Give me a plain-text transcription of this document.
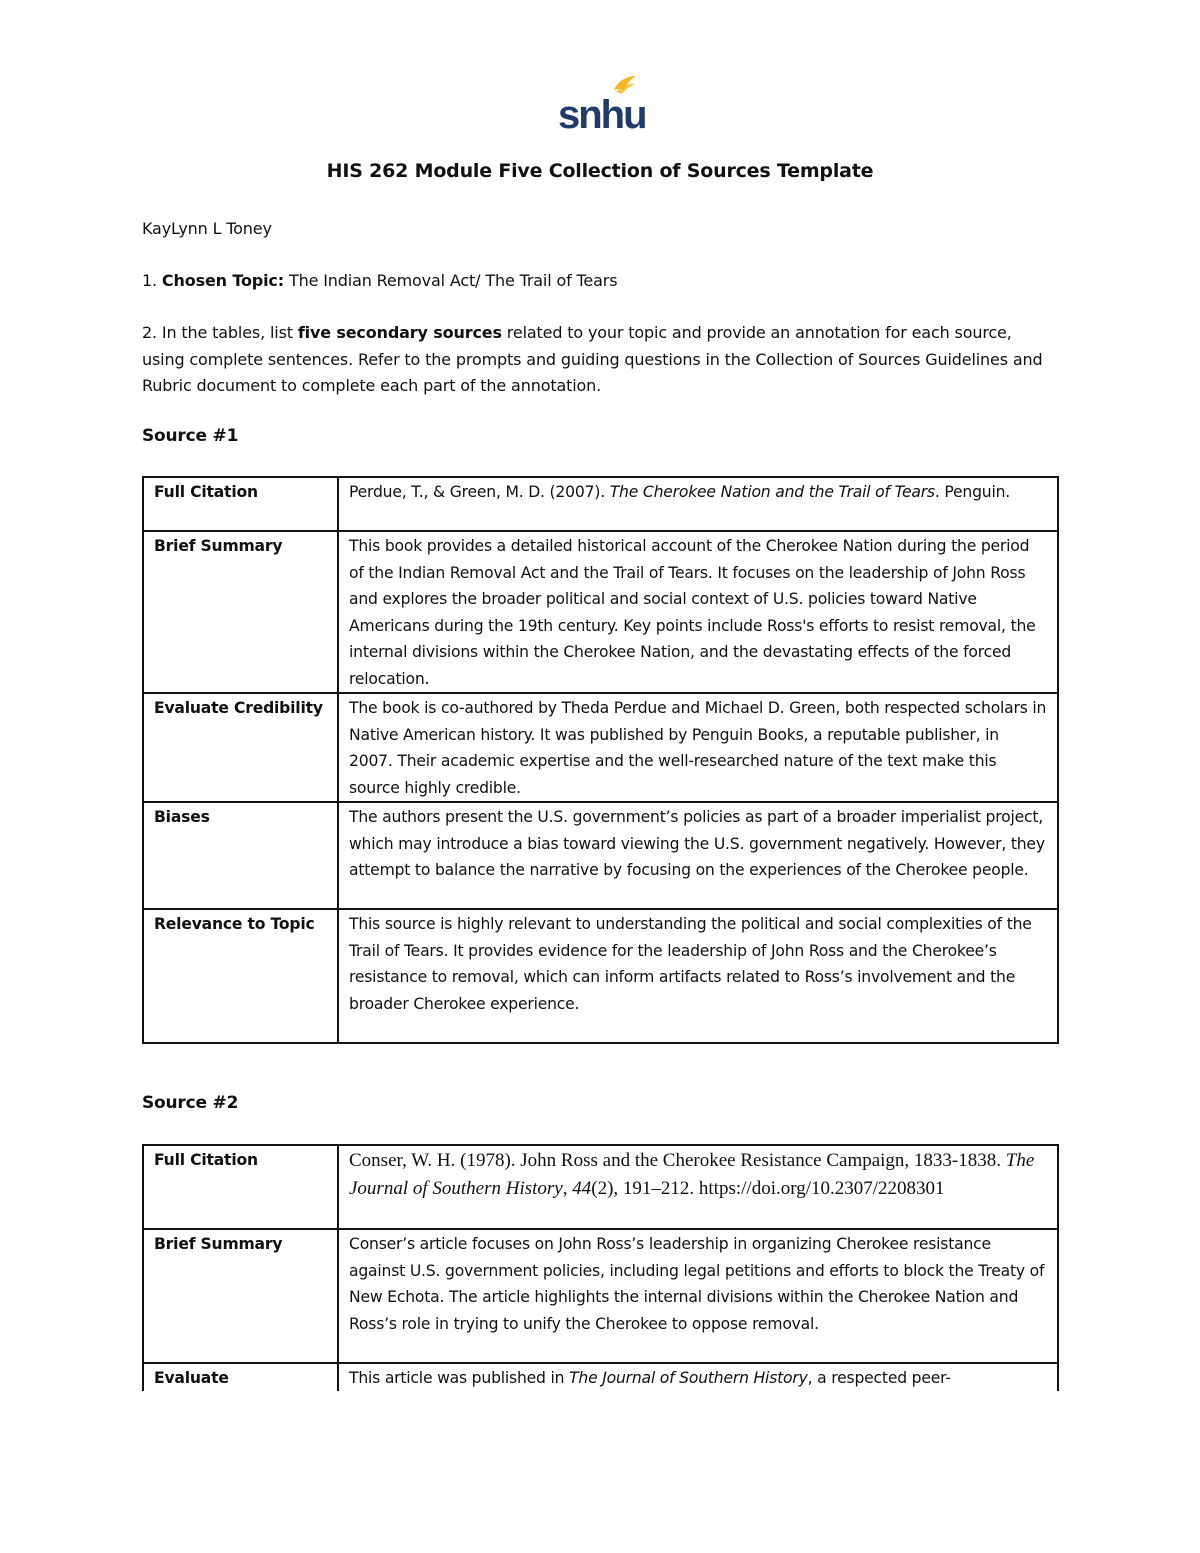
snhu
HIS 262 Module Five Collection of Sources Template
KayLynn L Toney
1. Chosen Topic: The Indian Removal Act/ The Trail of Tears
2. In the tables, list five secondary sources related to your topic and provide an annotation for each source, using complete sentences. Refer to the prompts and guiding questions in the Collection of Sources Guidelines and Rubric document to complete each part of the annotation.
Source #1
Full Citation	Perdue, T., & Green, M. D. (2007). The Cherokee Nation and the Trail of Tears. Penguin.
Brief Summary	This book provides a detailed historical account of the Cherokee Nation during the period of the Indian Removal Act and the Trail of Tears. It focuses on the leadership of John Ross and explores the broader political and social context of U.S. policies toward Native Americans during the 19th century. Key points include Ross's efforts to resist removal, the internal divisions within the Cherokee Nation, and the devastating effects of the forced relocation.
Evaluate Credibility	The book is co-authored by Theda Perdue and Michael D. Green, both respected scholars in Native American history. It was published by Penguin Books, a reputable publisher, in 2007. Their academic expertise and the well-researched nature of the text make this source highly credible.
Biases	The authors present the U.S. government’s policies as part of a broader imperialist project, which may introduce a bias toward viewing the U.S. government negatively. However, they attempt to balance the narrative by focusing on the experiences of the Cherokee people.
Relevance to Topic	This source is highly relevant to understanding the political and social complexities of the Trail of Tears. It provides evidence for the leadership of John Ross and the Cherokee’s resistance to removal, which can inform artifacts related to Ross’s involvement and the broader Cherokee experience.
Source #2
Full Citation	Conser, W. H. (1978). John Ross and the Cherokee Resistance Campaign, 1833-1838. The Journal of Southern History, 44(2), 191–212. https://doi.org/10.2307/2208301
Brief Summary	Conser’s article focuses on John Ross’s leadership in organizing Cherokee resistance against U.S. government policies, including legal petitions and efforts to block the Treaty of New Echota. The article highlights the internal divisions within the Cherokee Nation and Ross’s role in trying to unify the Cherokee to oppose removal.
Evaluate	This article was published in The Journal of Southern History, a respected peer-
